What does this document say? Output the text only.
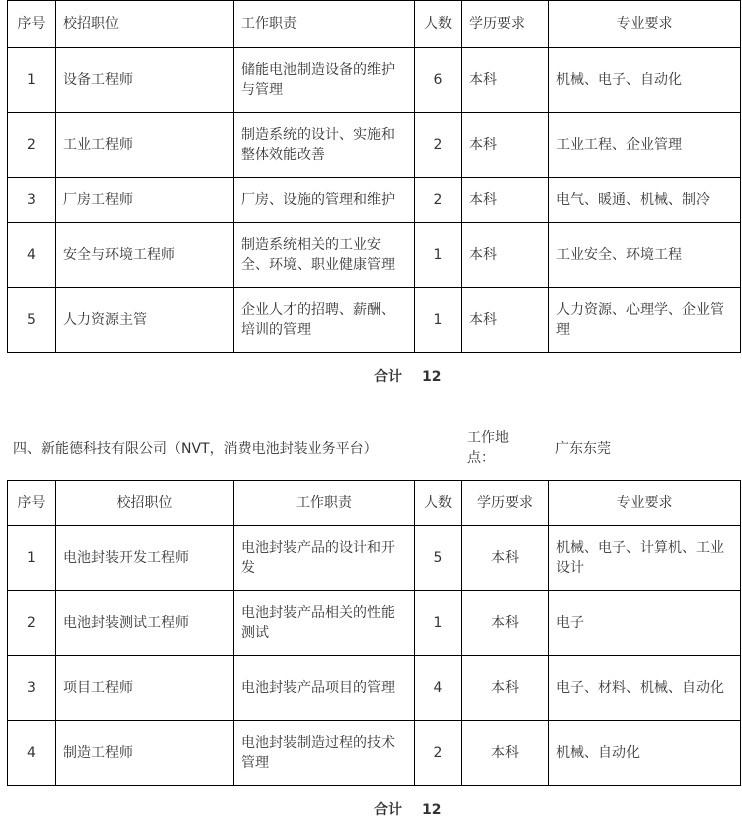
序号	校招职位	工作职责	人数	学历要求	专业要求
1	设备工程师	储能电池制造设备的维护与管理	6	本科	机械、电子、自动化
2	工业工程师	制造系统的设计、实施和整体效能改善	2	本科	工业工程、企业管理
3	厂房工程师	厂房、设施的管理和维护	2	本科	电气、暖通、机械、制冷
4	安全与环境工程师	制造系统相关的工业安全、环境、职业健康管理	1	本科	工业安全、环境工程
5	人力资源主管	企业人才的招聘、薪酬、培训的管理	1	本科	人力资源、心理学、企业管理
合计 12
四、新能德科技有限公司（NVT，消费电池封装业务平台）
工作地点：
广东东莞
序号	校招职位	工作职责	人数	学历要求	专业要求
1	电池封装开发工程师	电池封装产品的设计和开发	5	本科	机械、电子、计算机、工业设计
2	电池封装测试工程师	电池封装产品相关的性能测试	1	本科	电子
3	项目工程师	电池封装产品项目的管理	4	本科	电子、材料、机械、自动化
4	制造工程师	电池封装制造过程的技术管理	2	本科	机械、自动化
合计 12
